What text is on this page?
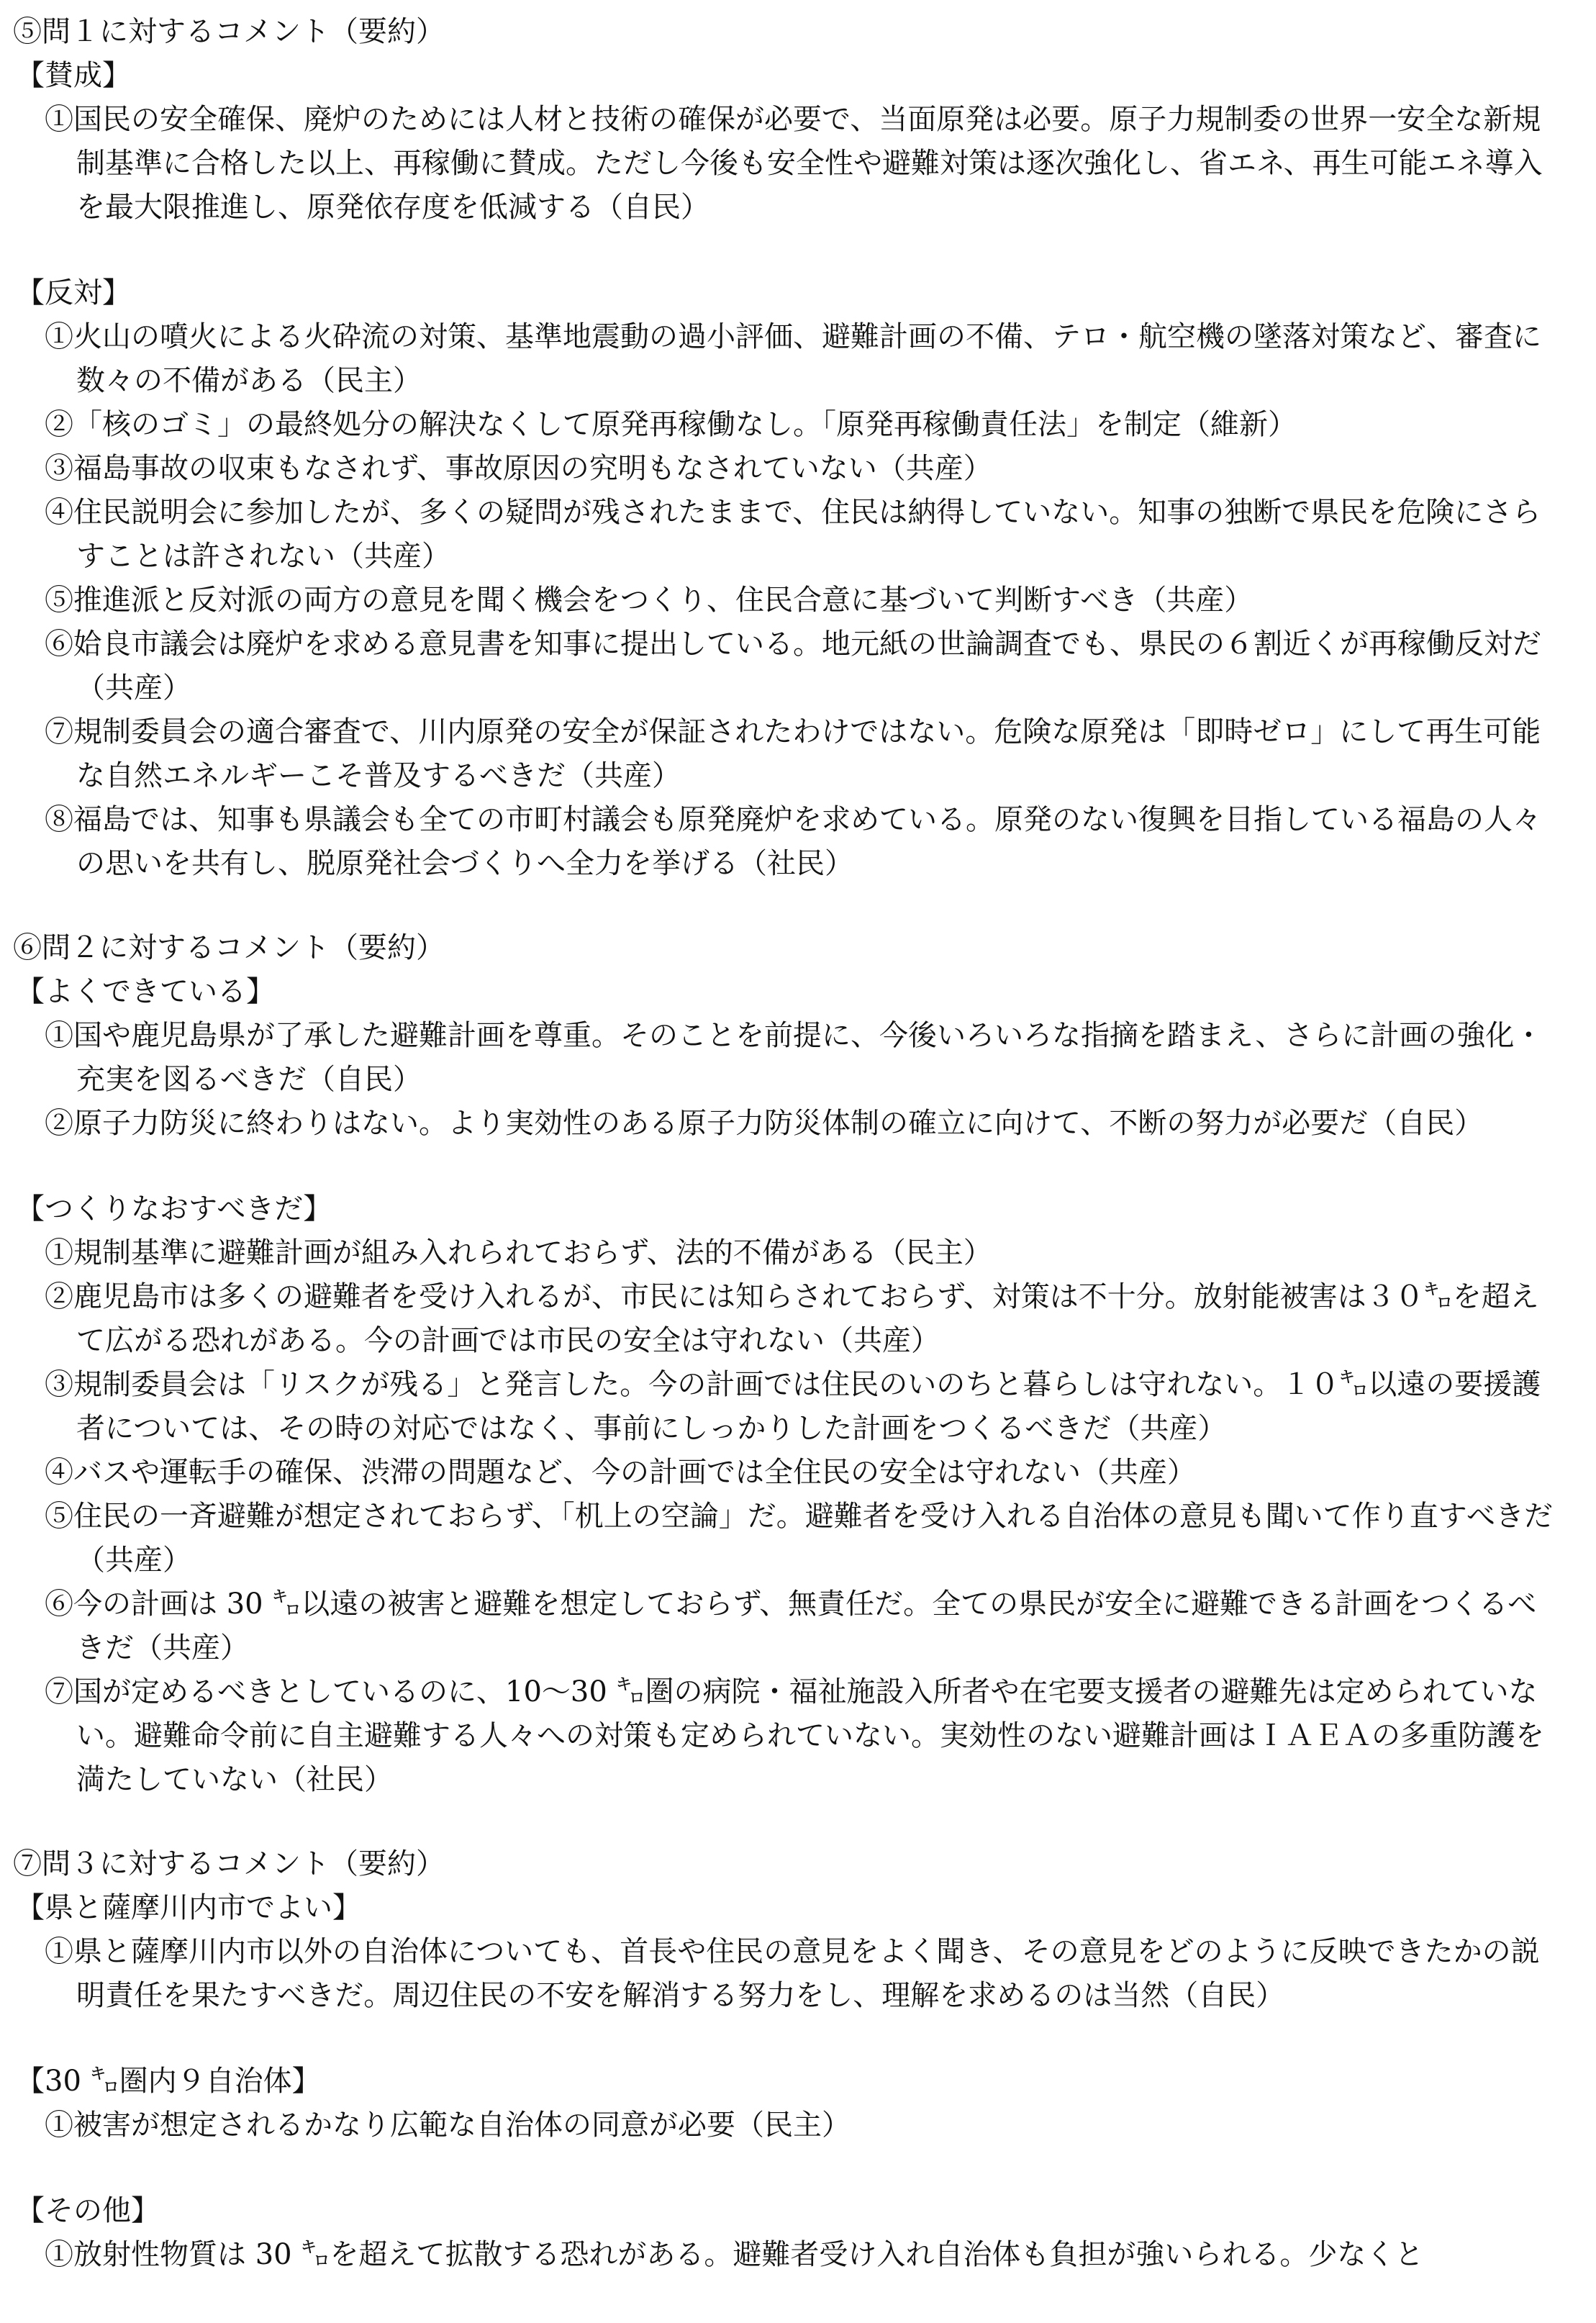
⑤問１に対するコメント（要約）
【賛成】
①国民の安全確保、廃炉のためには人材と技術の確保が必要で、当面原発は必要。原子力規制委の世界一安全な新規制基準に合格した以上、再稼働に賛成。ただし今後も安全性や避難対策は逐次強化し、省エネ、再生可能エネ導入を最大限推進し、原発依存度を低減する（自民）
【反対】
①火山の噴火による火砕流の対策、基準地震動の過小評価、避難計画の不備、テロ・航空機の墜落対策など、審査に数々の不備がある（民主）
②「核のゴミ」の最終処分の解決なくして原発再稼働なし。「原発再稼働責任法」を制定（維新）
③福島事故の収束もなされず、事故原因の究明もなされていない（共産）
④住民説明会に参加したが、多くの疑問が残されたままで、住民は納得していない。知事の独断で県民を危険にさらすことは許されない（共産）
⑤推進派と反対派の両方の意見を聞く機会をつくり、住民合意に基づいて判断すべき（共産）
⑥姶良市議会は廃炉を求める意見書を知事に提出している。地元紙の世論調査でも、県民の６割近くが再稼働反対だ（共産）
⑦規制委員会の適合審査で、川内原発の安全が保証されたわけではない。危険な原発は「即時ゼロ」にして再生可能な自然エネルギーこそ普及するべきだ（共産）
⑧福島では、知事も県議会も全ての市町村議会も原発廃炉を求めている。原発のない復興を目指している福島の人々の思いを共有し、脱原発社会づくりへ全力を挙げる（社民）
⑥問２に対するコメント（要約）
【よくできている】
①国や鹿児島県が了承した避難計画を尊重。そのことを前提に、今後いろいろな指摘を踏まえ、さらに計画の強化・充実を図るべきだ（自民）
②原子力防災に終わりはない。より実効性のある原子力防災体制の確立に向けて、不断の努力が必要だ（自民）
【つくりなおすべきだ】
①規制基準に避難計画が組み入れられておらず、法的不備がある（民主）
②鹿児島市は多くの避難者を受け入れるが、市民には知らされておらず、対策は不十分。放射能被害は３０㌔を超えて広がる恐れがある。今の計画では市民の安全は守れない（共産）
③規制委員会は「リスクが残る」と発言した。今の計画では住民のいのちと暮らしは守れない。１０㌔以遠の要援護者については、その時の対応ではなく、事前にしっかりした計画をつくるべきだ（共産）
④バスや運転手の確保、渋滞の問題など、今の計画では全住民の安全は守れない（共産）
⑤住民の一斉避難が想定されておらず、「机上の空論」だ。避難者を受け入れる自治体の意見も聞いて作り直すべきだ（共産）
⑥今の計画は 30 ㌔以遠の被害と避難を想定しておらず、無責任だ。全ての県民が安全に避難できる計画をつくるべきだ（共産）
⑦国が定めるべきとしているのに、10〜30 ㌔圏の病院・福祉施設入所者や在宅要支援者の避難先は定められていない。避難命令前に自主避難する人々への対策も定められていない。実効性のない避難計画はＩＡＥＡの多重防護を満たしていない（社民）
⑦問３に対するコメント（要約）
【県と薩摩川内市でよい】
①県と薩摩川内市以外の自治体についても、首長や住民の意見をよく聞き、その意見をどのように反映できたかの説明責任を果たすべきだ。周辺住民の不安を解消する努力をし、理解を求めるのは当然（自民）
【30 ㌔圏内９自治体】
①被害が想定されるかなり広範な自治体の同意が必要（民主）
【その他】
①放射性物質は 30 ㌔を超えて拡散する恐れがある。避難者受け入れ自治体も負担が強いられる。少なくと
